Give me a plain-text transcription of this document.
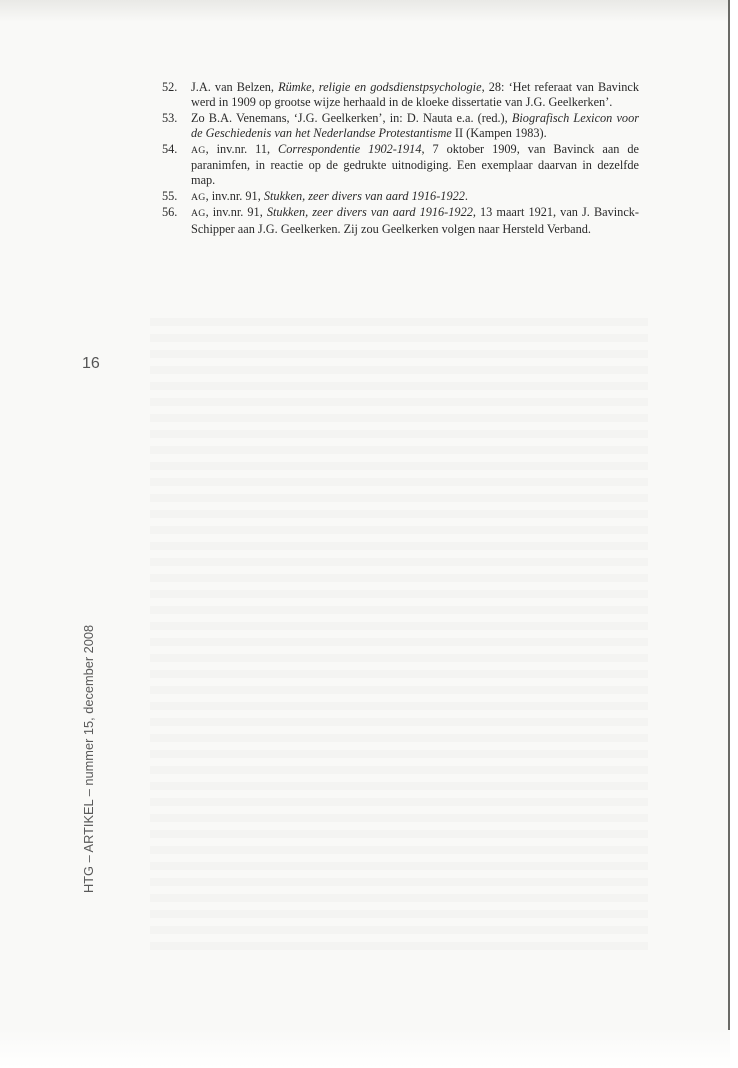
52. J.A. van Belzen, Rümke, religie en godsdienstpsychologie, 28: ‘Het referaat van Bavinck werd in 1909 op grootse wijze herhaald in de kloeke dissertatie van J.G. Geelkerken’.
53. Zo B.A. Venemans, ‘J.G. Geelkerken’, in: D. Nauta e.a. (red.), Biografisch Lexicon voor de Geschiedenis van het Nederlandse Protestantisme II (Kampen 1983).
54. AG, inv.nr. 11, Correspondentie 1902-1914, 7 oktober 1909, van Bavinck aan de paranimfen, in reactie op de gedrukte uitnodiging. Een exemplaar daarvan in dezelfde map.
55. AG, inv.nr. 91, Stukken, zeer divers van aard 1916-1922.
56. AG, inv.nr. 91, Stukken, zeer divers van aard 1916-1922, 13 maart 1921, van J. Bavinck-Schipper aan J.G. Geelkerken. Zij zou Geelkerken volgen naar Hersteld Verband.
16
HTG – ARTIKEL – nummer 15, december 2008
